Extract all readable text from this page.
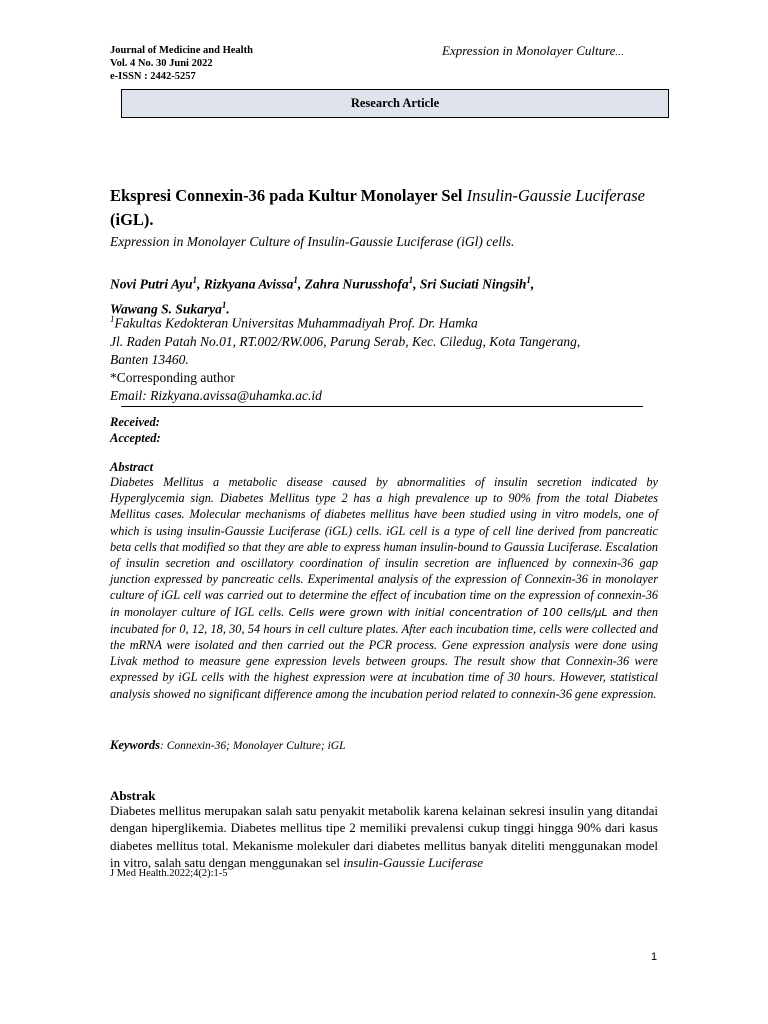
Journal of Medicine and Health
Vol. 4 No. 30 Juni 2022
e-ISSN : 2442-5257
Expression in Monolayer Culture…
Research Article
Ekspresi Connexin-36 pada Kultur Monolayer Sel Insulin-Gaussie Luciferase (iGL).
Expression in Monolayer Culture of Insulin-Gaussie Luciferase (iGl) cells.
Novi Putri Ayu$^1$, Rizkyana Avissa$^1$, Zahra Nurusshofa$^1$, Sri Suciati Ningsih$^1$,
Wawang S. Sukarya$^1$.
$^1$Fakultas Kedokteran Universitas Muhammadiyah Prof. Dr. Hamka
Jl. Raden Patah No.01, RT.002/RW.006, Parung Serab, Kec. Ciledug, Kota Tangerang,
Banten 13460.
*Corresponding author
Email: Rizkyana.avissa@uhamka.ac.id
Received:
Accepted:
Abstract
Diabetes Mellitus a metabolic disease caused by abnormalities of insulin secretion indicated by Hyperglycemia sign. Diabetes Mellitus type 2 has a high prevalence up to 90% from the total Diabetes Mellitus cases. Molecular mechanisms of diabetes mellitus have been studied using in vitro models, one of which is using insulin-Gaussie Luciferase (iGL) cells. iGL cell is a type of cell line derived from pancreatic beta cells that modified so that they are able to express human insulin-bound to Gaussia Luciferase. Escalation of insulin secretion and oscillatory coordination of insulin secretion are influenced by connexin-36 gap junction expressed by pancreatic cells. Experimental analysis of the expression of Connexin-36 in monolayer culture of iGL cell was carried out to determine the effect of incubation time on the expression of connexin-36 in monolayer culture of IGL cells. Cells were grown with initial concentration of 100 cells/µL and then incubated for 0, 12, 18, 30, 54 hours in cell culture plates. After each incubation time, cells were collected and the mRNA were isolated and then carried out the PCR process. Gene expression analysis were done using Livak method to measure gene expression levels between groups. The result show that Connexin-36 were expressed by iGL cells with the highest expression were at incubation time of 30 hours. However, statistical analysis showed no significant difference among the incubation period related to connexin-36 gene expression.
Keywords: Connexin-36; Monolayer Culture; iGL
Abstrak
Diabetes mellitus merupakan salah satu penyakit metabolik karena kelainan sekresi insulin yang ditandai dengan hiperglikemia. Diabetes mellitus tipe 2 memiliki prevalensi cukup tinggi hingga 90% dari kasus diabetes mellitus total. Mekanisme molekuler dari diabetes mellitus banyak diteliti menggunakan model in vitro, salah satu dengan menggunakan sel insulin-Gaussie Luciferase
J Med Health.2022;4(2):1-5
1
